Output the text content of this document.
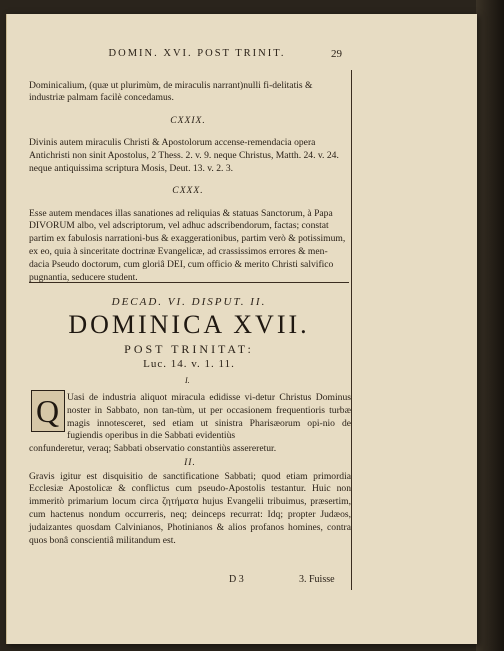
DOMIN. XVI. POST TRINIT.	29

Dominicalium, (quæ ut plurimùm, de miraculis narrant)nulli fi-delitatis & industriæ palmam facilè concedamus.

CXXIX.

Divinis autem miraculis Christi & Apostolorum accense-remendacia opera Antichristi non sinit Apostolus, 2 Thess. 2. v. 9. neque Christus, Matth. 24. v. 24. neque antiquissima scriptura Mosis, Deut. 13. v. 2. 3.

CXXX.

Esse autem mendaces illas sanationes ad reliquias & statuas Sanctorum, à Papa DIVORUM albo, vel adscriptorum, vel adhuc adscribendorum, factas; constat partim ex fabulosis narrationi-bus & exaggerationibus, partim verò & potissimum, ex eo, quia à sinceritate doctrinæ Evangelicæ, ad crassissimos errores & men-dacia Pseudo doctorum, cum gloriâ DEI, cum officio & merito Christi salvifico pugnantia, seducere student.

DECAD. VI. DISPUT. II.
DOMINICA XVII.
POST TRINITAT:
Luc. 14. v. 1. 11.
I.
Q Uasi de industria aliquot miracula edidisse vi-detur Christus Dominus noster in Sabbato, non tan-tùm, ut per occasionem frequentioris turbæ magis innotesceret, sed etiam ut sinistra Pharisæorum opi-nio de fugiendis operibus in die Sabbati evidentiùs

confunderetur, veraq; Sabbati observatio constantiùs assereretur.

II.

Gravis igitur est disquisitio de sanctificatione Sabbati; quod etiam primordia Ecclesiæ Apostolicæ & conflictus cum pseudo-Apostolis testantur. Huic non immeritò primarium locum circa ζητήματα hujus Evangelii tribuimus, præsertim, cum hactenus nondum occurreris, neq; deinceps recurrat: Idq; propter Judæos, judaizantes quosdam Calvinianos, Photinianos & alios profanos homines, contra quos bonâ conscientiâ militandum est.

D 3	3. Fuisse
